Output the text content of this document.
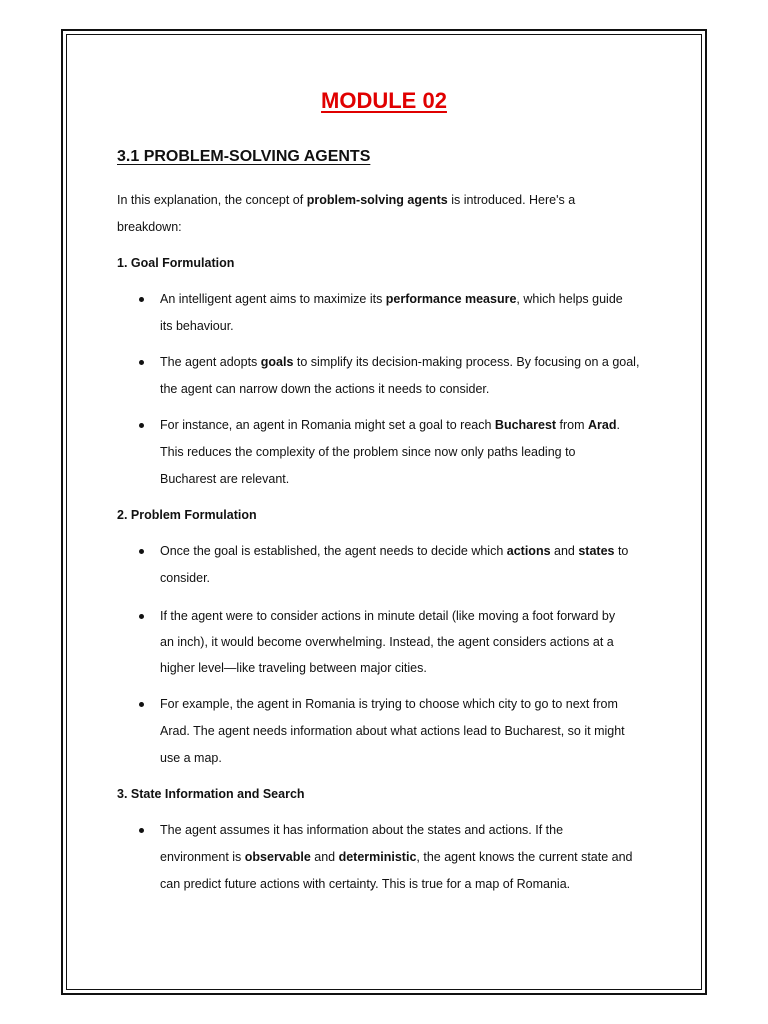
MODULE 02
3.1 PROBLEM-SOLVING AGENTS
In this explanation, the concept of problem-solving agents is introduced. Here's a
breakdown:
1. Goal Formulation
An intelligent agent aims to maximize its performance measure, which helps guide
its behaviour.
The agent adopts goals to simplify its decision-making process. By focusing on a goal,
the agent can narrow down the actions it needs to consider.
For instance, an agent in Romania might set a goal to reach Bucharest from Arad.
This reduces the complexity of the problem since now only paths leading to
Bucharest are relevant.
2. Problem Formulation
Once the goal is established, the agent needs to decide which actions and states to
consider.
If the agent were to consider actions in minute detail (like moving a foot forward by
an inch), it would become overwhelming. Instead, the agent considers actions at a
higher level—like traveling between major cities.
For example, the agent in Romania is trying to choose which city to go to next from
Arad. The agent needs information about what actions lead to Bucharest, so it might
use a map.
3. State Information and Search
The agent assumes it has information about the states and actions. If the
environment is observable and deterministic, the agent knows the current state and
can predict future actions with certainty. This is true for a map of Romania.
